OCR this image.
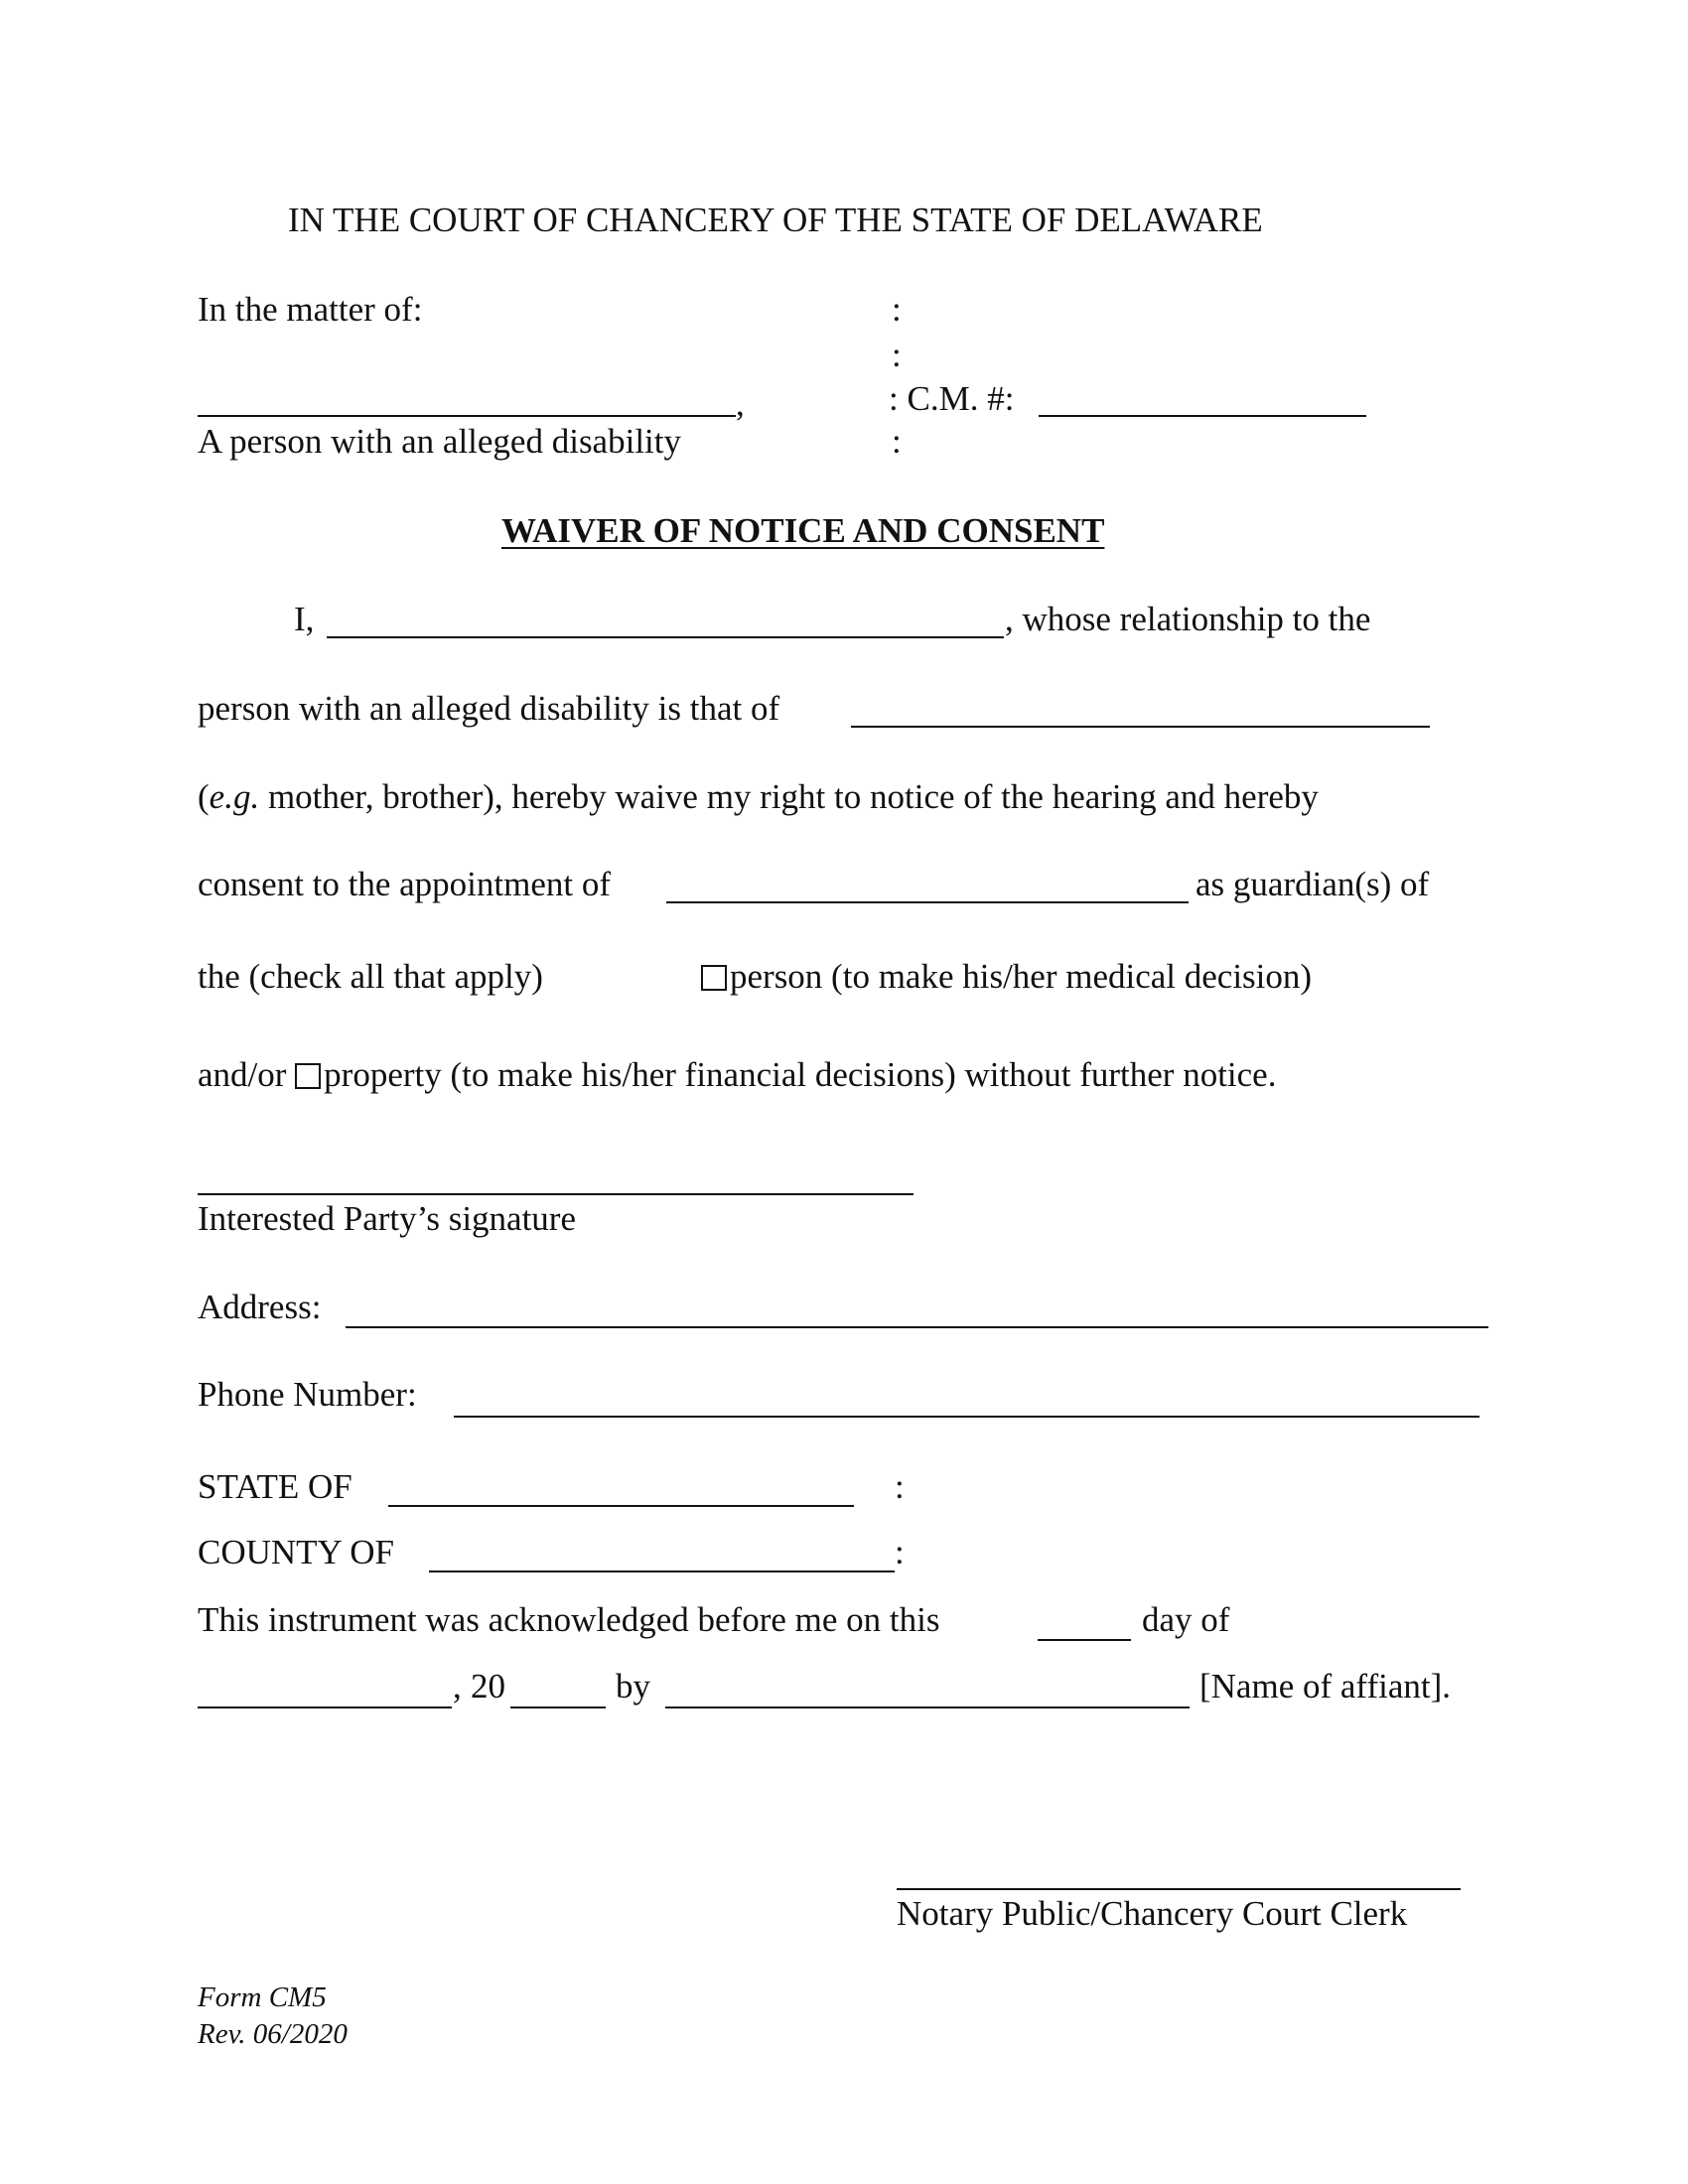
IN THE COURT OF CHANCERY OF THE STATE OF DELAWARE
In the matter of:	:
:
,	: C.M. #:
A person with an alleged disability	:
WAIVER OF NOTICE AND CONSENT
I,	, whose relationship to the
person with an alleged disability is that of
(e.g. mother, brother), hereby waive my right to notice of the hearing and hereby
consent to the appointment of	as guardian(s) of
the (check all that apply)	person (to make his/her medical decision)
and/or property (to make his/her financial decisions) without further notice.
Interested Party’s signature
Address:
Phone Number:
STATE OF	:
COUNTY OF	:
This instrument was acknowledged before me on this	day of
, 20	by	[Name of affiant].
Notary Public/Chancery Court Clerk
Form CM5
Rev. 06/2020
